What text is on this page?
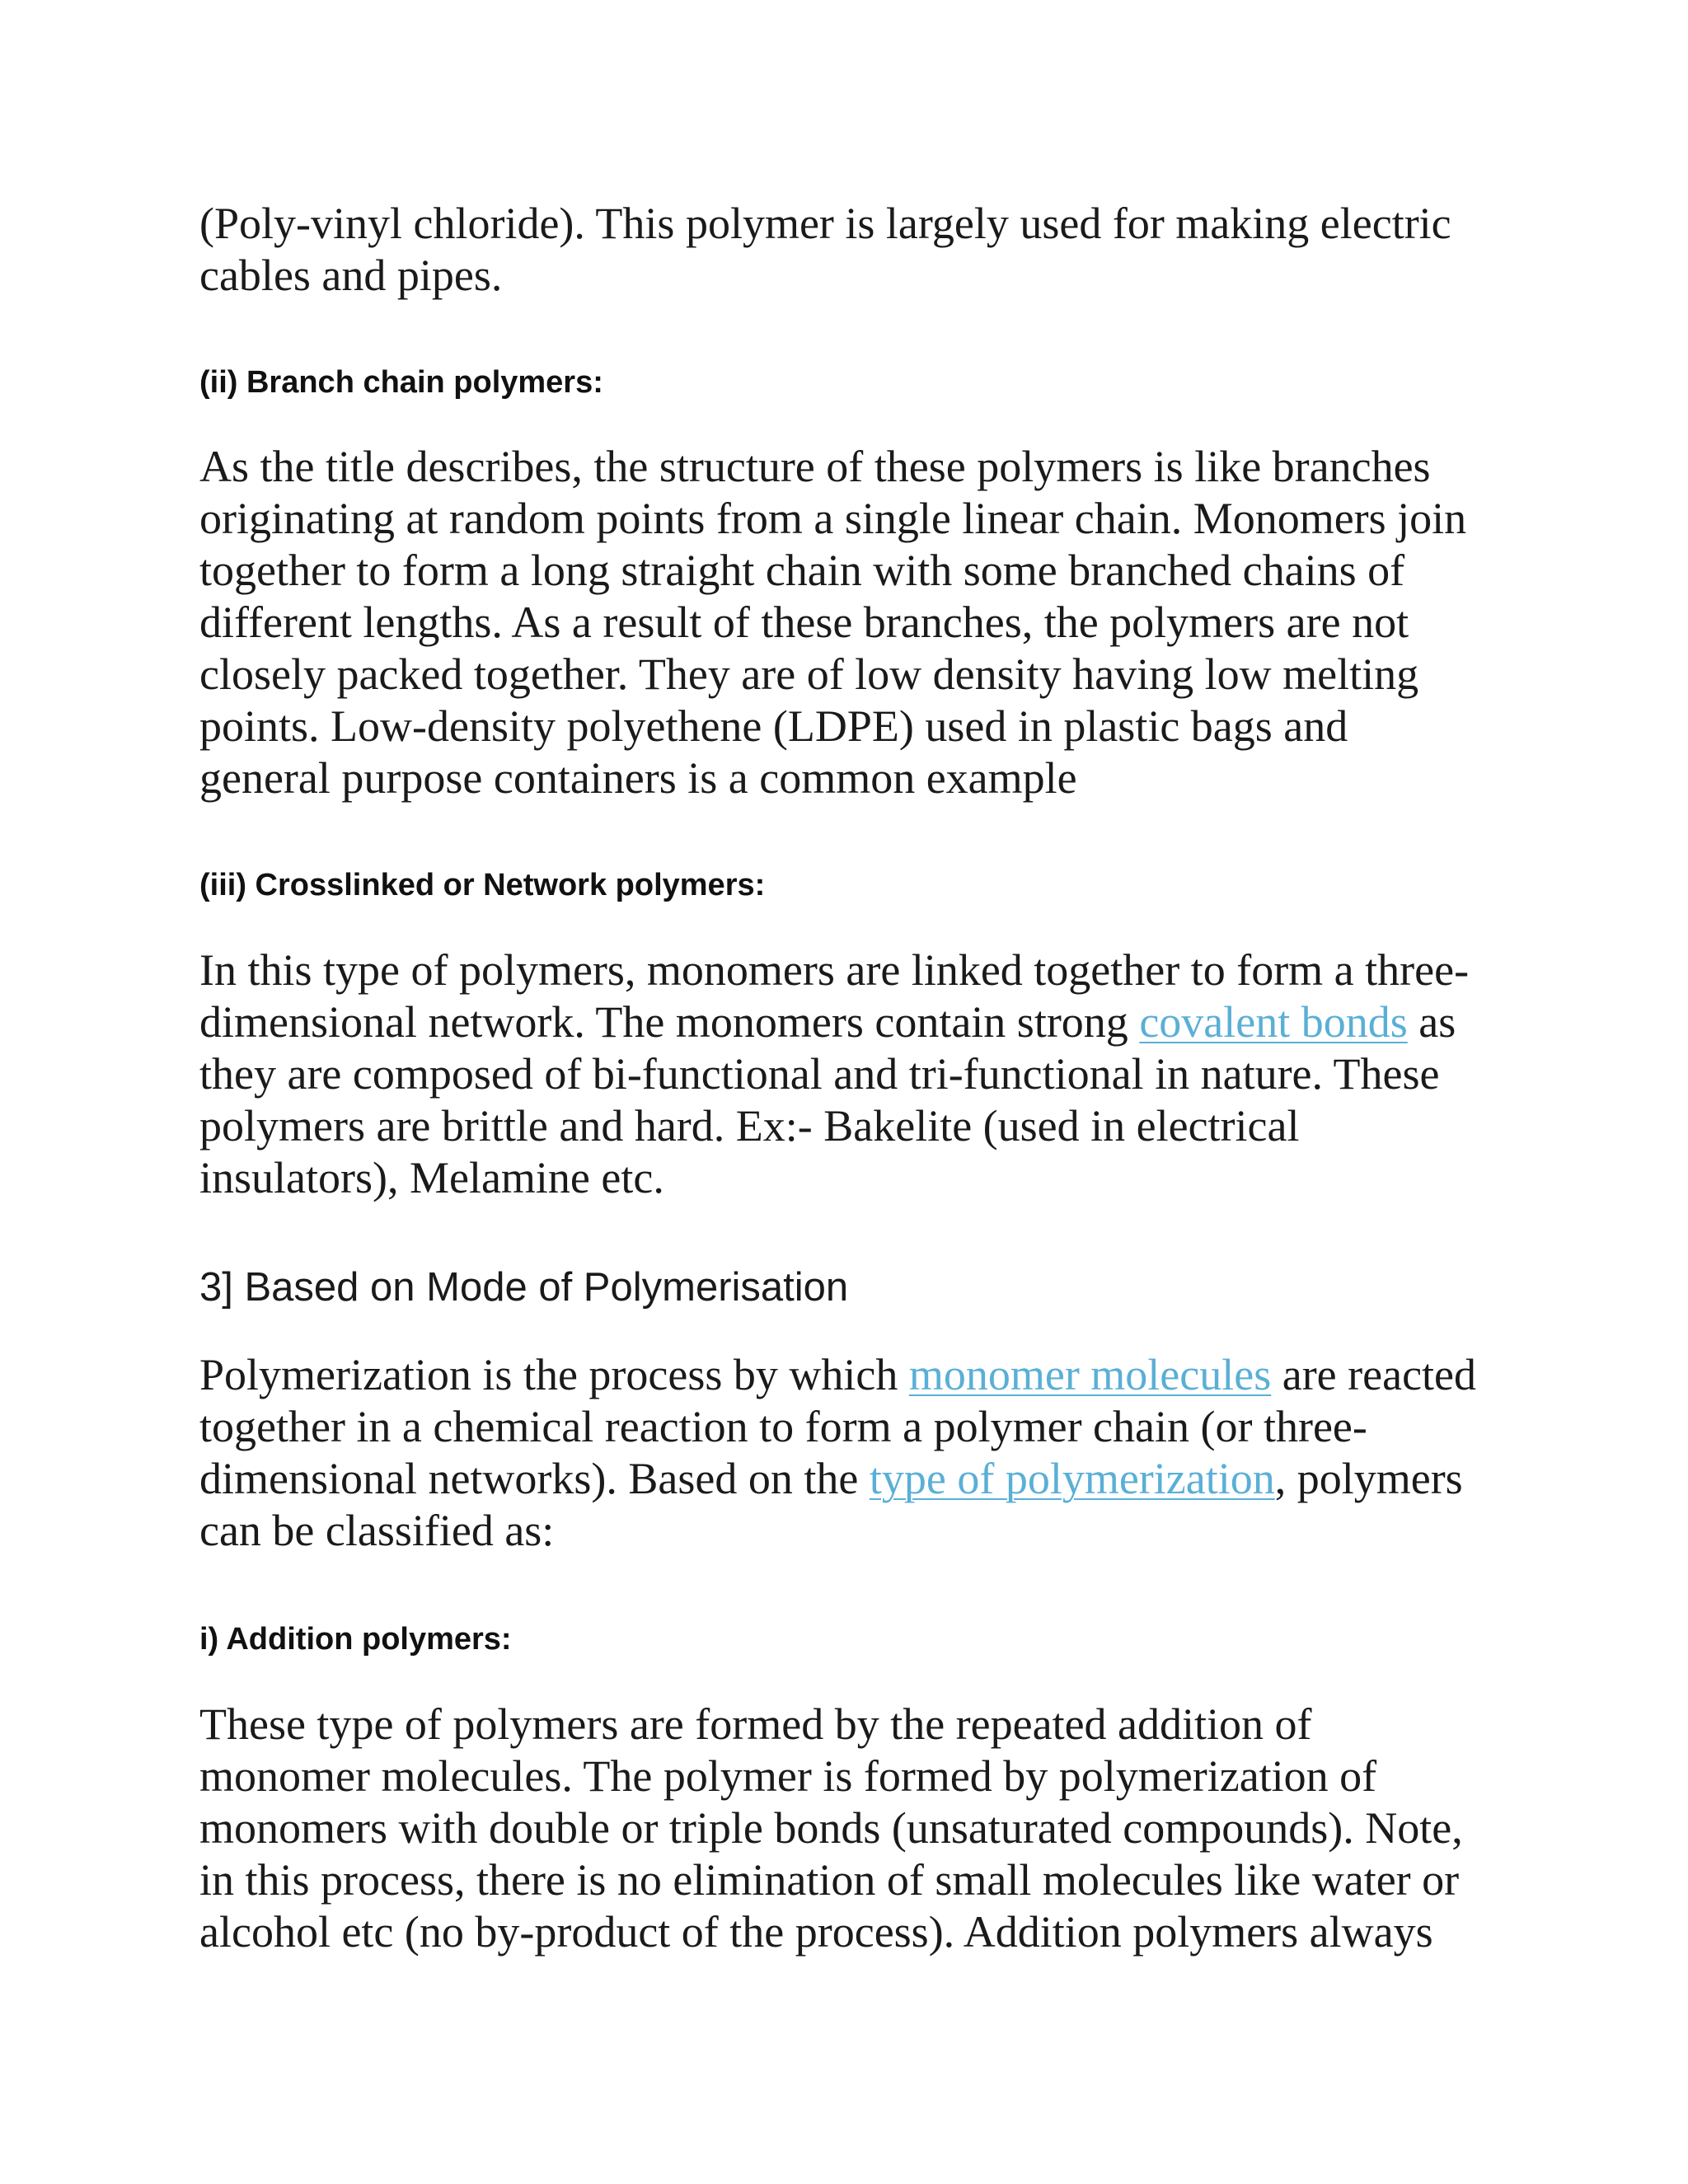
(Poly-vinyl chloride). This polymer is largely used for making electric
cables and pipes.
(ii) Branch chain polymers:
As the title describes, the structure of these polymers is like branches
originating at random points from a single linear chain. Monomers join
together to form a long straight chain with some branched chains of
different lengths. As a result of these branches, the polymers are not
closely packed together. They are of low density having low melting
points. Low-density polyethene (LDPE) used in plastic bags and
general purpose containers is a common example
(iii) Crosslinked or Network polymers:
In this type of polymers, monomers are linked together to form a three-
dimensional network. The monomers contain strong covalent bonds as
they are composed of bi-functional and tri-functional in nature. These
polymers are brittle and hard. Ex:- Bakelite (used in electrical
insulators), Melamine etc.
3] Based on Mode of Polymerisation
Polymerization is the process by which monomer molecules are reacted
together in a chemical reaction to form a polymer chain (or three-
dimensional networks). Based on the type of polymerization, polymers
can be classified as:
i) Addition polymers:
These type of polymers are formed by the repeated addition of
monomer molecules. The polymer is formed by polymerization of
monomers with double or triple bonds (unsaturated compounds). Note,
in this process, there is no elimination of small molecules like water or
alcohol etc (no by-product of the process). Addition polymers always
